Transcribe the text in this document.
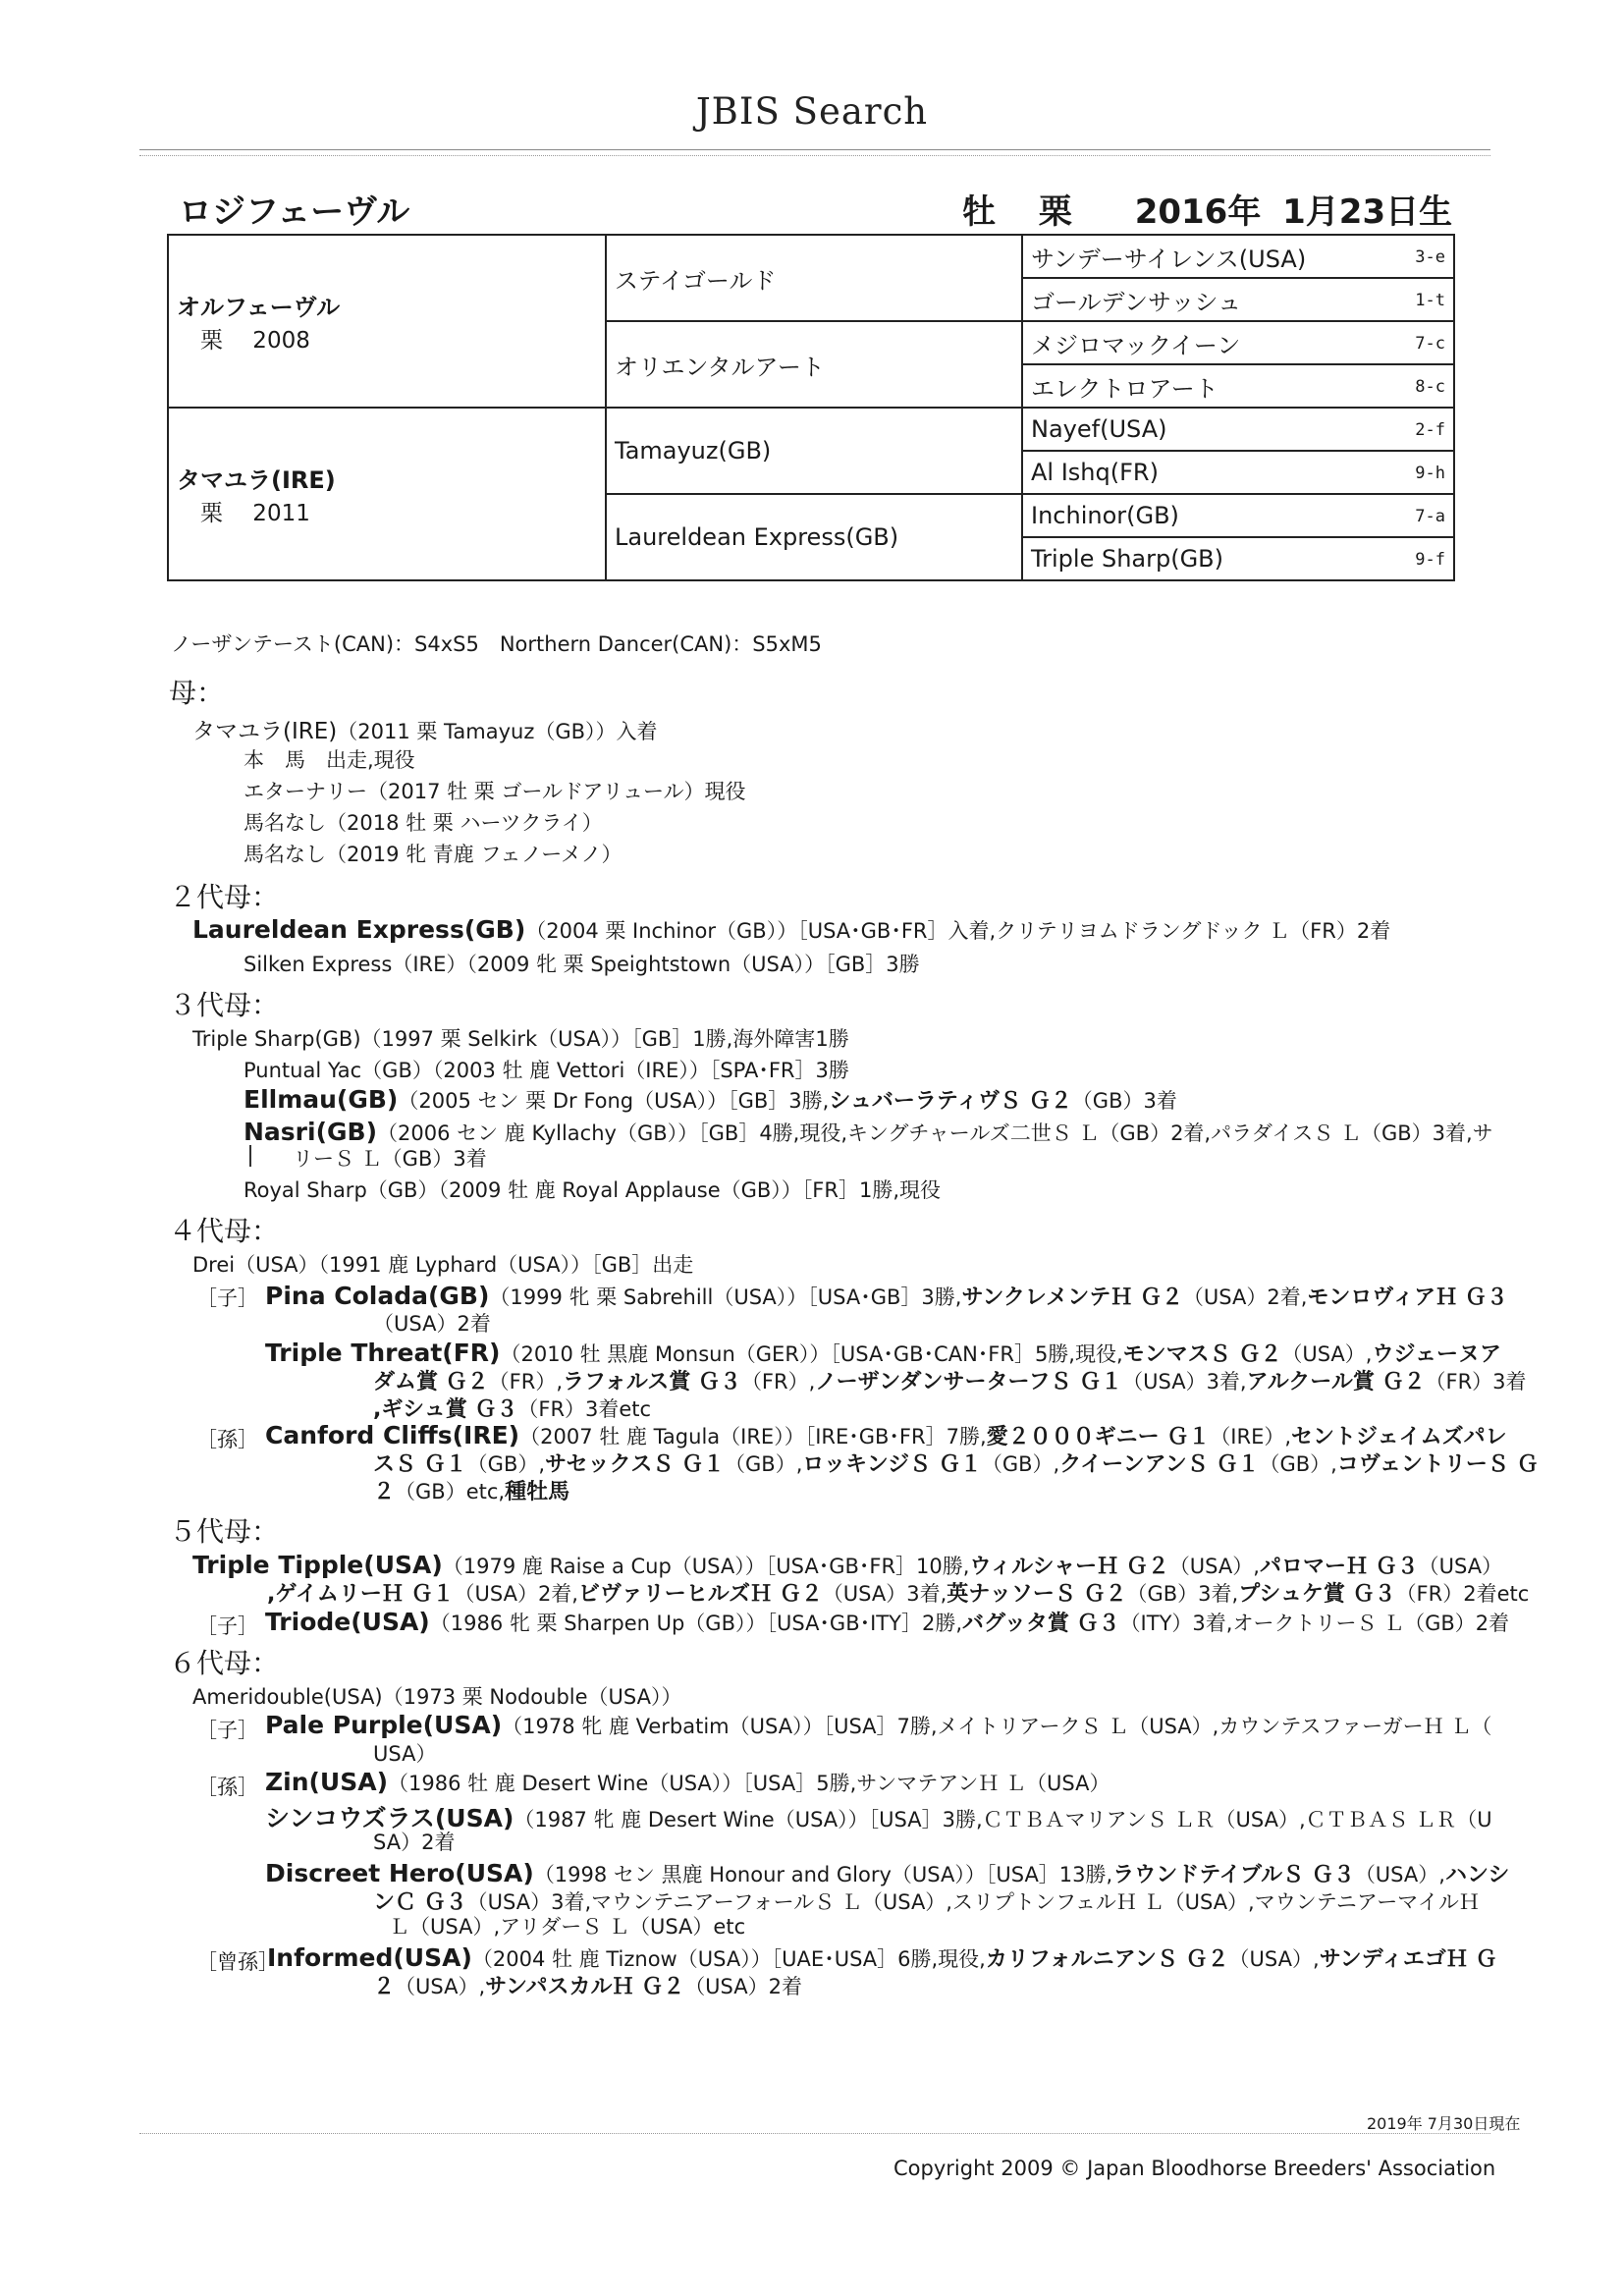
JBIS Search
ロジフェーヴル	牡 栗 2016年 1月23日生
オルフェーヴル
栗　 2008	ステイゴールド	サンデーサイレンス(USA) 3-e

		ゴールデンサッシュ 1-t

	オリエンタルアート	メジロマックイーン 7-c

		エレクトロアート 8-c

タマユラ(IRE)
栗　 2011	Tamayuz(GB)	Nayef(USA) 2-f

		Al Ishq(FR) 9-h

	Laureldean Express(GB)	Inchinor(GB) 7-a

		Triple Sharp(GB) 9-f
ノーザンテースト(CAN)：S4xS5　Northern Dancer(CAN)：S5xM5
母：
タマユラ(IRE)（2011 栗 Tamayuz（GB））入着
本　馬　出走,現役
エターナリー（2017 牡 栗 ゴールドアリュール）現役
馬名なし（2018 牡 栗 ハーツクライ）
馬名なし（2019 牝 青鹿 フェノーメノ）
２代母：
Laureldean Express(GB)（2004 栗 Inchinor（GB））［USA･GB･FR］入着,クリテリヨムドラングドック Ｌ（FR）2着
Silken Express（IRE）（2009 牝 栗 Speightstown（USA））［GB］3勝
３代母：
Triple Sharp(GB)（1997 栗 Selkirk（USA））［GB］1勝,海外障害1勝
Puntual Yac（GB）（2003 牡 鹿 Vettori（IRE））［SPA･FR］3勝
Ellmau(GB)（2005 セン 栗 Dr Fong（USA））［GB］3勝,シュバーラティヴＳ Ｇ２（GB）3着
Nasri(GB)（2006 セン 鹿 Kyllachy（GB））［GB］4勝,現役,キングチャールズ二世Ｓ Ｌ（GB）2着,パラダイスＳ Ｌ（GB）3着,サ
リーＳ Ｌ（GB）3着
Royal Sharp（GB）（2009 牡 鹿 Royal Applause（GB））［FR］1勝,現役
４代母：
Drei（USA）（1991 鹿 Lyphard（USA））［GB］出走
［子］ Pina Colada(GB)（1999 牝 栗 Sabrehill（USA））［USA･GB］3勝,サンクレメンテＨ Ｇ２（USA）2着,モンロヴィアＨ Ｇ３
（USA）2着
Triple Threat(FR)（2010 牡 黒鹿 Monsun（GER））［USA･GB･CAN･FR］5勝,現役,モンマスＳ Ｇ２（USA）,ウジェーヌア
ダム賞 Ｇ２（FR）,ラフォルス賞 Ｇ３（FR）,ノーザンダンサーターフＳ Ｇ１（USA）3着,アルクール賞 Ｇ２（FR）3着
,ギシュ賞 Ｇ３（FR）3着etc
［孫］ Canford Cliffs(IRE)（2007 牡 鹿 Tagula（IRE））［IRE･GB･FR］7勝,愛２０００ギニー Ｇ１（IRE）,セントジェイムズパレ
スＳ Ｇ１（GB）,サセックスＳ Ｇ１（GB）,ロッキンジＳ Ｇ１（GB）,クイーンアンＳ Ｇ１（GB）,コヴェントリーＳ Ｇ
２（GB）etc,種牡馬
５代母：
Triple Tipple(USA)（1979 鹿 Raise a Cup（USA））［USA･GB･FR］10勝,ウィルシャーＨ Ｇ２（USA）,パロマーＨ Ｇ３（USA）
,ゲイムリーＨ Ｇ１（USA）2着,ビヴァリーヒルズＨ Ｇ２（USA）3着,英ナッソーＳ Ｇ２（GB）3着,プシュケ賞 Ｇ３（FR）2着etc
［子］ Triode(USA)（1986 牝 栗 Sharpen Up（GB））［USA･GB･ITY］2勝,バグッタ賞 Ｇ３（ITY）3着,オークトリーＳ Ｌ（GB）2着
６代母：
Ameridouble(USA)（1973 栗 Nodouble（USA））
［子］ Pale Purple(USA)（1978 牝 鹿 Verbatim（USA））［USA］7勝,メイトリアークＳ Ｌ（USA）,カウンテスファーガーＨ Ｌ（
USA）
［孫］ Zin(USA)（1986 牡 鹿 Desert Wine（USA））［USA］5勝,サンマテアンＨ Ｌ（USA）
シンコウズラス(USA)（1987 牝 鹿 Desert Wine（USA））［USA］3勝,ＣＴＢＡマリアンＳ ＬＲ（USA）,ＣＴＢＡＳ ＬＲ（U
SA）2着
Discreet Hero(USA)（1998 セン 黒鹿 Honour and Glory（USA））［USA］13勝,ラウンドテイブルＳ Ｇ３（USA）,ハンシ
ンＣ Ｇ３（USA）3着,マウンテニアーフォールＳ Ｌ（USA）,スリプトンフェルＨ Ｌ（USA）,マウンテニアーマイルＨ
Ｌ（USA）,アリダーＳ Ｌ（USA）etc
［曾孫］
Informed(USA)（2004 牡 鹿 Tiznow（USA））［UAE･USA］6勝,現役,カリフォルニアンＳ Ｇ２（USA）,サンディエゴＨ Ｇ
２（USA）,サンパスカルＨ Ｇ２（USA）2着
2019年 7月30日現在
Copyright 2009 © Japan Bloodhorse Breeders' Association
